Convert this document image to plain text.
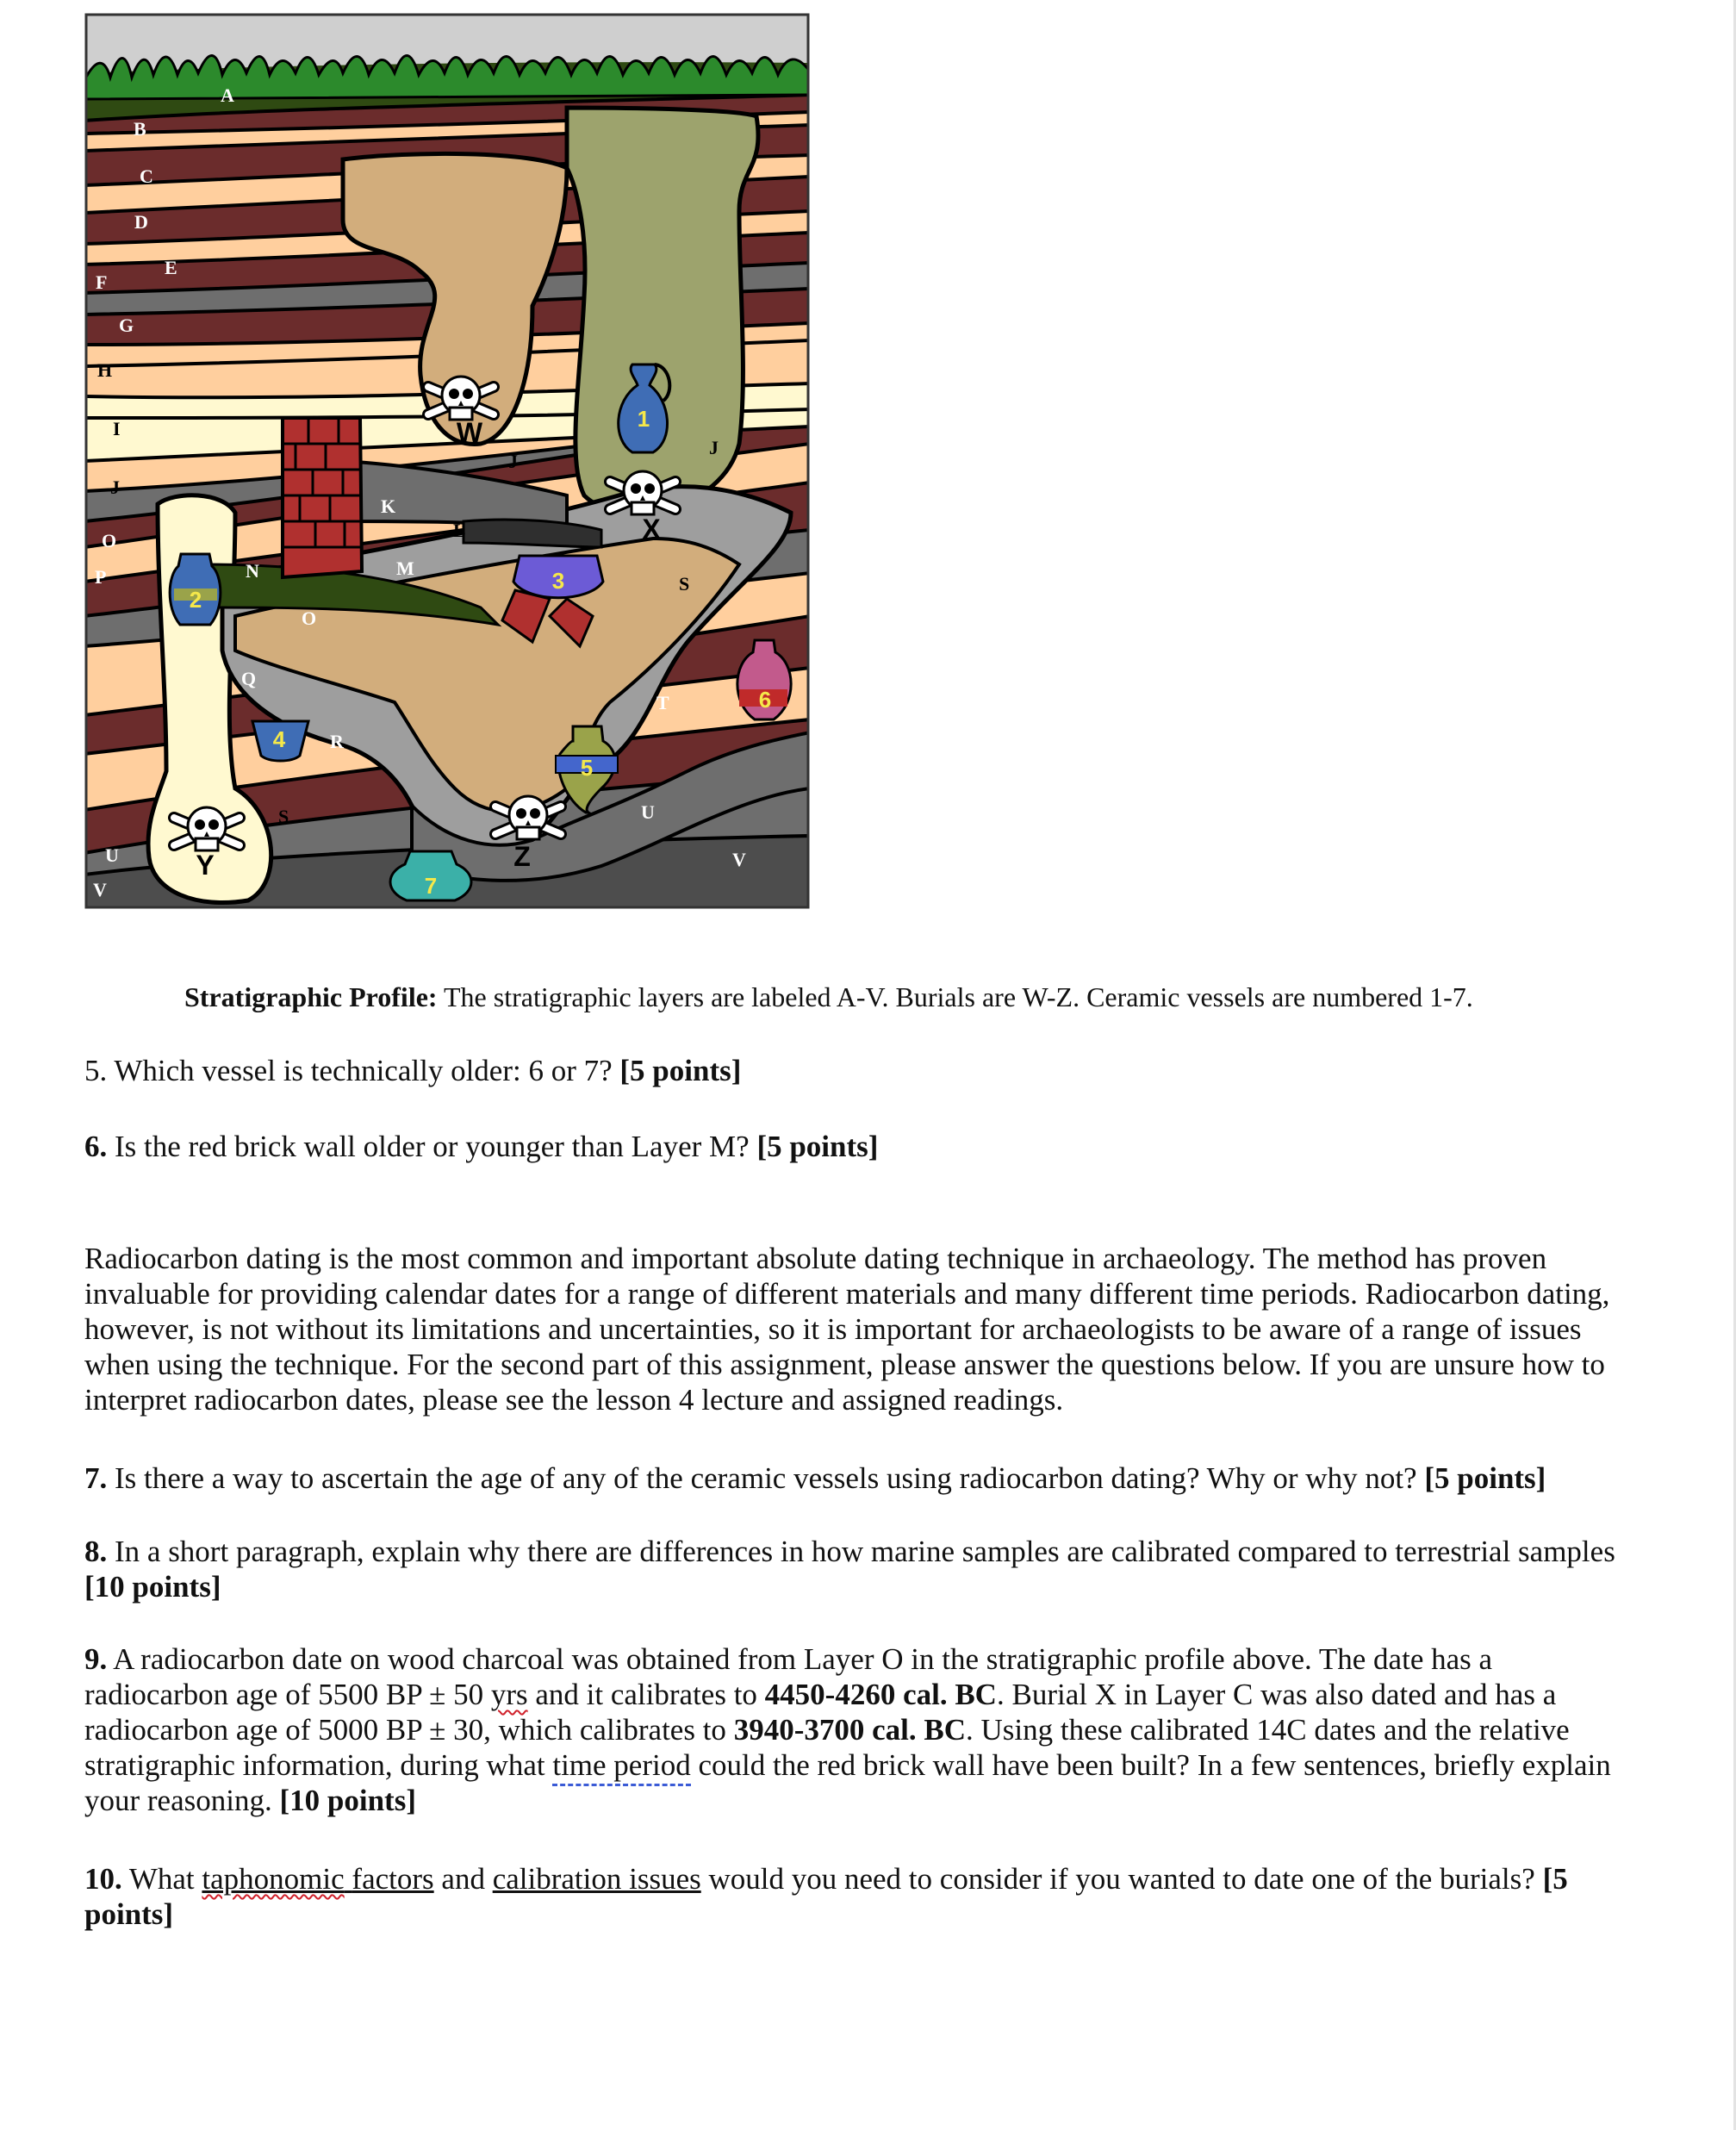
1
2
3
4
5
6
7
W
X
Y	Z
A
B
C
D
E
F
G
H
I
J
J
J
K
L
M
N
O
O
P
Q
R
S
S
T
U
U	V
V
Stratigraphic Profile: The stratigraphic layers are labeled A-V. Burials are W-Z. Ceramic vessels are numbered 1-7.

5. Which vessel is technically older: 6 or 7? [5 points]

6. Is the red brick wall older or younger than Layer M? [5 points]

Radiocarbon dating is the most common and important absolute dating technique in archaeology. The method has proven invaluable for providing calendar dates for a range of different materials and many different time periods. Radiocarbon dating, however, is not without its limitations and uncertainties, so it is important for archaeologists to be aware of a range of issues when using the technique. For the second part of this assignment, please answer the questions below. If you are unsure how to interpret radiocarbon dates, please see the lesson 4 lecture and assigned readings.

7. Is there a way to ascertain the age of any of the ceramic vessels using radiocarbon dating? Why or why not? [5 points]

8. In a short paragraph, explain why there are differences in how marine samples are calibrated compared to terrestrial samples [10 points]

9. A radiocarbon date on wood charcoal was obtained from Layer O in the stratigraphic profile above. The date has a radiocarbon age of 5500 BP ± 50 yrs and it calibrates to 4450-4260 cal. BC. Burial X in Layer C was also dated and has a radiocarbon age of 5000 BP ± 30, which calibrates to 3940-3700 cal. BC. Using these calibrated 14C dates and the relative stratigraphic information, during what time period could the red brick wall have been built? In a few sentences, briefly explain your reasoning. [10 points]

10. What taphonomic factors and calibration issues would you need to consider if you wanted to date one of the burials? [5 points]
